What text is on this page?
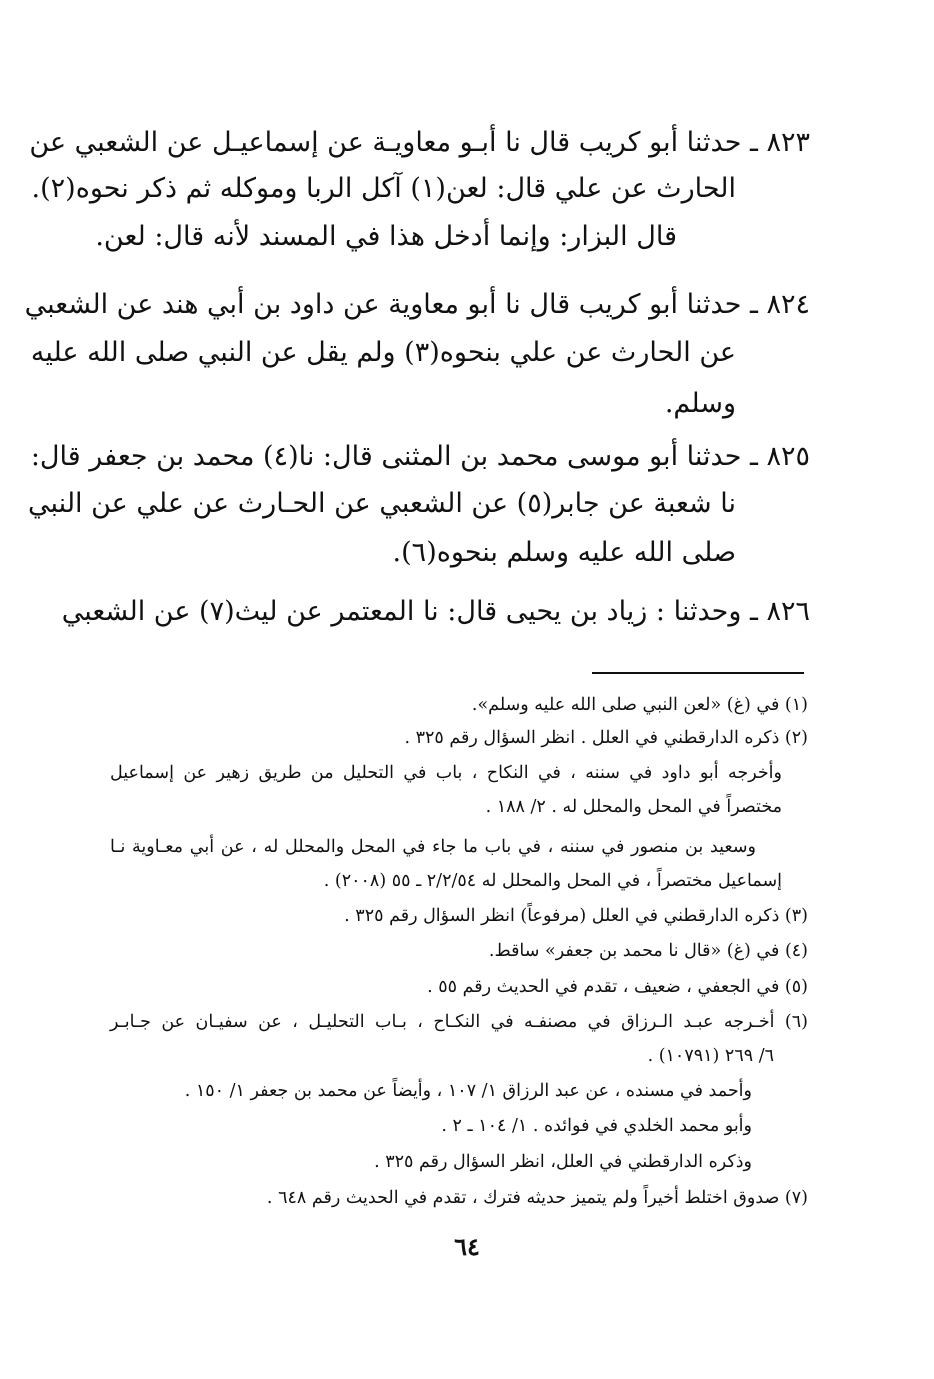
٨٢٣ ـ حدثنا أبو كريب قال نا أبـو معاويـة عن إسماعيـل عن الشعبي عن
الحارث عن علي قال: لعن(١) آكل الربا وموكله ثم ذكر نحوه(٢).
قال البزار: وإنما أدخل هذا في المسند لأنه قال: لعن.
٨٢٤ ـ حدثنا أبو كريب قال نا أبو معاوية عن داود بن أبي هند عن الشعبي
عن الحارث عن علي بنحوه(٣) ولم يقل عن النبي صلى الله عليه
وسلم.
٨٢٥ ـ حدثنا أبو موسى محمد بن المثنى قال: نا(٤) محمد بن جعفر قال:
نا شعبة عن جابر(٥) عن الشعبي عن الحـارث عن علي عن النبي
صلى الله عليه وسلم بنحوه(٦).
٨٢٦ ـ وحدثنا : زياد بن يحيى قال: نا المعتمر عن ليث(٧) عن الشعبي
(١) في (غ) «لعن النبي صلى الله عليه وسلم».
(٢) ذكره الدارقطني في العلل . انظر السؤال رقم ٣٢٥ .
وأخرجه أبو داود في سننه ، في النكاح ، باب في التحليل من طريق زهير عن إسماعيل
مختصراً في المحل والمحلل له . ٢/ ١٨٨ .
وسعيد بن منصور في سننه ، في باب ما جاء في المحل والمحلل له ، عن أبي معـاوية نـا
إسماعيل مختصراً ، في المحل والمحلل له ٢/٢/٥٤ ـ ٥٥ (٢٠٠٨) .
(٣) ذكره الدارقطني في العلل (مرفوعاً) انظر السؤال رقم ٣٢٥ .
(٤) في (غ) «قال نا محمد بن جعفر» ساقط.
(٥) في الجعفي ، ضعيف ، تقدم في الحديث رقم ٥٥ .
(٦) أخـرجه عبـد الـرزاق في مصنفـه في النكـاح ، بـاب التحليـل ، عن سفيـان عن جـابـر
٦/ ٢٦٩ (١٠٧٩١) .
وأحمد في مسنده ، عن عبد الرزاق ١/ ١٠٧ ، وأيضاً عن محمد بن جعفر ١/ ١٥٠ .
وأبو محمد الخلدي في فوائده . ١/ ١٠٤ ـ ٢ .
وذكره الدارقطني في العلل، انظر السؤال رقم ٣٢٥ .
(٧) صدوق اختلط أخيراً ولم يتميز حديثه فترك ، تقدم في الحديث رقم ٦٤٨ .
٦٤
